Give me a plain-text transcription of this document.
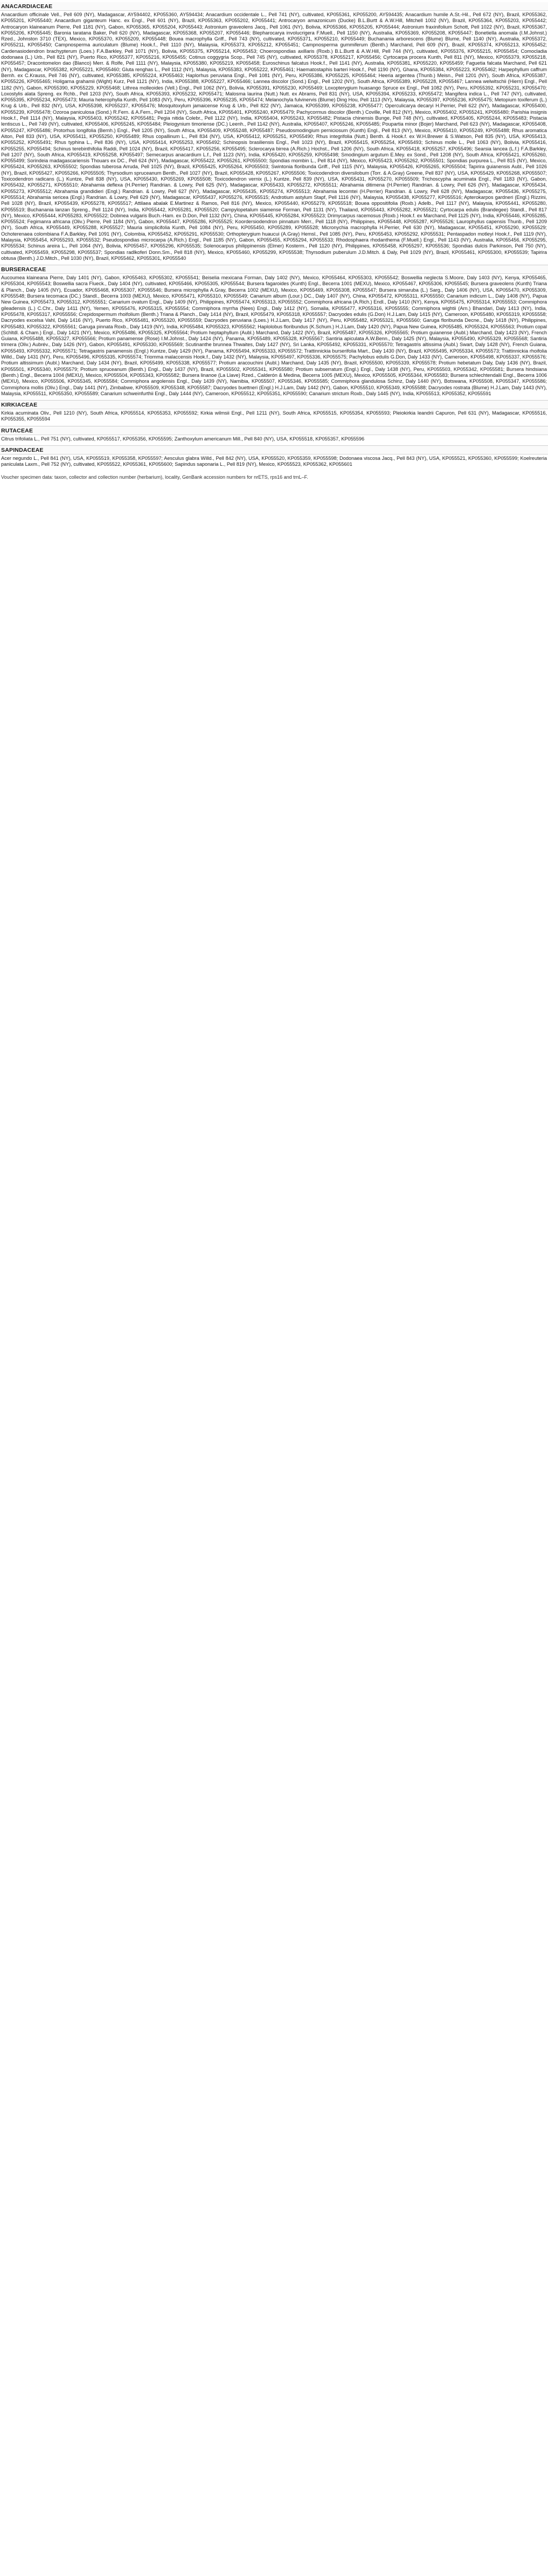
ANACARDIACEAE
Anacardium officinale Vell., Pell 609 (NY), Madagascar, AY594402, KP055360, AY594434; Anacardium occidentale L., Pell 741 (NY), cultivated, KP055361, KP055200, AY594435; Anacardium humile A.St.-Hil., Pell 672 (NY), Brazil, KP055362, KP055201, KP055440; Anacardium giganteum Hanc. ex Engl., Pell 601 (NY), Brazil, KP055363, KP055202, KP055441; Antrocaryon amazonicum (Ducke) B.L.Burtt & A.W.Hill, Mitchell 1002 (NY), Brazil, KP055364, KP055203, KP055442; Antrocaryon klaineanum Pierre, Pell 1181 (NY), Gabon, KP055365, KP055204, KP055443; Astronium graveolens Jacq., Pell 1061 (NY), Bolivia, KP055366, KP055205, KP055444; Astronium fraxinifolium Schott, Pell 1022 (NY), Brazil, KP055367, KP055206, KP055445; Baronia taratana Baker, Pell 620 (NY), Madagascar, KP055368, KP055207, KP055446; Blepharocarya involucrigera F.Muell., Pell 1150 (NY), Australia, KP055369, KP055208, KP055447; Bonetiella anomala (I.M.Johnst.) Rzed., Johnston 3710 (TEX), Mexico, KP055370, KP055209, KP055448; Bouea macrophylla Griff., Pell 743 (NY), cultivated, KP055371, KP055210, KP055449; Buchanania arborescens (Blume) Blume, Pell 1140 (NY), Australia, KP055372, KP055211, KP055450; Campnosperma auriculatum (Blume) Hook.f., Pell 1110 (NY), Malaysia, KP055373, KP055212, KP055451; Campnosperma gummiferum (Benth.) Marchand, Pell 609 (NY), Brazil, KP055374, KP055213, KP055452; Cardenasiodendron brachypterum (Loes.) F.A.Barkley, Pell 1071 (NY), Bolivia, KP055375, KP055214, KP055453; Choerospondias axillaris (Roxb.) B.L.Burtt & A.W.Hill, Pell 744 (NY), cultivated, KP055376, KP055215, KP055454; Comocladia dodonaea (L.) Urb., Pell 821 (NY), Puerto Rico, KP055377, KP055216, KP055455; Cotinus coggygria Scop., Pell 745 (NY), cultivated, KP055378, KP055217, KP055456; Cyrtocarpa procera Kunth, Pell 811 (NY), Mexico, KP055379, KP055218, KP055457; Dracontomelon dao (Blanco) Merr. & Rolfe, Pell 1111 (NY), Malaysia, KP055380, KP055219, KP055458; Euroschinus falcatus Hook.f., Pell 1141 (NY), Australia, KP055381, KP055220, KP055459; Faguetia falcata Marchand, Pell 621 (NY), Madagascar, KP055382, KP055221, KP055460; Gluta renghas L., Pell 1112 (NY), Malaysia, KP055383, KP055222, KP055461; Haematostaphis barteri Hook.f., Pell 1190 (NY), Ghana, KP055384, KP055223, KP055462; Harpephyllum caffrum Bernh. ex C.Krauss, Pell 746 (NY), cultivated, KP055385, KP055224, KP055463; Haplorhus peruviana Engl., Pell 1081 (NY), Peru, KP055386, KP055225, KP055464; Heeria argentea (Thunb.) Meisn., Pell 1201 (NY), South Africa, KP055387, KP055226, KP055465; Holigarna grahamii (Wight) Kurz, Pell 1121 (NY), India, KP055388, KP055227, KP055466; Lannea discolor (Sond.) Engl., Pell 1202 (NY), South Africa, KP055389, KP055228, KP055467; Lannea welwitschii (Hiern) Engl., Pell 1182 (NY), Gabon, KP055390, KP055229, KP055468; Lithrea molleoides (Vell.) Engl., Pell 1062 (NY), Bolivia, KP055391, KP055230, KP055469; Loxopterygium huasango Spruce ex Engl., Pell 1082 (NY), Peru, KP055392, KP055231, KP055470; Loxostylis alata Spreng. ex Rchb., Pell 1203 (NY), South Africa, KP055393, KP055232, KP055471; Malosma laurina (Nutt.) Nutt. ex Abrams, Pell 831 (NY), USA, KP055394, KP055233, KP055472; Mangifera indica L., Pell 747 (NY), cultivated, KP055395, KP055234, KP055473; Mauria heterophylla Kunth, Pell 1083 (NY), Peru, KP055396, KP055235, KP055474; Melanochyla fulvinervis (Blume) Ding Hou, Pell 1113 (NY), Malaysia, KP055397, KP055236, KP055475; Metopium toxiferum (L.) Krug & Urb., Pell 832 (NY), USA, KP055398, KP055237, KP055476; Mosquitoxylum jamaicense Krug & Urb., Pell 822 (NY), Jamaica, KP055399, KP055238, KP055477; Operculicarya decaryi H.Perrier, Pell 622 (NY), Madagascar, KP055400, KP055239, KP055478; Ozoroa paniculosa (Sond.) R.Fern. & A.Fern., Pell 1204 (NY), South Africa, KP055401, KP055240, KP055479; Pachycormus discolor (Benth.) Coville, Pell 812 (NY), Mexico, KP055402, KP055241, KP055480; Parishia insignis Hook.f., Pell 1114 (NY), Malaysia, KP055403, KP055242, KP055481; Pegia nitida Colebr., Pell 1122 (NY), India, KP055404, KP055243, KP055482; Pistacia chinensis Bunge, Pell 748 (NY), cultivated, KP055405, KP055244, KP055483; Pistacia lentiscus L., Pell 749 (NY), cultivated, KP055406, KP055245, KP055484; Pleiogynium timoriense (DC.) Leenh., Pell 1142 (NY), Australia, KP055407, KP055246, KP055485; Poupartia minor (Bojer) Marchand, Pell 623 (NY), Madagascar, KP055408, KP055247, KP055486; Protorhus longifolia (Bernh.) Engl., Pell 1205 (NY), South Africa, KP055409, KP055248, KP055487; Pseudosmodingium perniciosum (Kunth) Engl., Pell 813 (NY), Mexico, KP055410, KP055249, KP055488; Rhus aromatica Aiton, Pell 833 (NY), USA, KP055411, KP055250, KP055489; Rhus copallinum L., Pell 834 (NY), USA, KP055412, KP055251, KP055490; Rhus integrifolia (Nutt.) Benth. & Hook.f. ex W.H.Brewer & S.Watson, Pell 835 (NY), USA, KP055413, KP055252, KP055491; Rhus typhina L., Pell 836 (NY), USA, KP055414, KP055253, KP055492; Schinopsis brasiliensis Engl., Pell 1023 (NY), Brazil, KP055415, KP055254, KP055493; Schinus molle L., Pell 1063 (NY), Bolivia, KP055416, KP055255, KP055494; Schinus terebinthifolia Raddi, Pell 1024 (NY), Brazil, KP055417, KP055256, KP055495; Sclerocarya birrea (A.Rich.) Hochst., Pell 1206 (NY), South Africa, KP055418, KP055257, KP055496; Searsia lancea (L.f.) F.A.Barkley, Pell 1207 (NY), South Africa, KP055419, KP055258, KP055497; Semecarpus anacardium L.f., Pell 1123 (NY), India, KP055420, KP055259, KP055498; Smodingium argutum E.Mey. ex Sond., Pell 1208 (NY), South Africa, KP055421, KP055260, KP055499; Sorindeia madagascariensis Thouars ex DC., Pell 624 (NY), Madagascar, KP055422, KP055261, KP055500; Spondias mombin L., Pell 814 (NY), Mexico, KP055423, KP055262, KP055501; Spondias purpurea L., Pell 815 (NY), Mexico, KP055424, KP055263, KP055502; Spondias tuberosa Arruda, Pell 1025 (NY), Brazil, KP055425, KP055264, KP055503; Swintonia floribunda Griff., Pell 1115 (NY), Malaysia, KP055426, KP055265, KP055504; Tapirira guianensis Aubl., Pell 1026 (NY), Brazil, KP055427, KP055266, KP055505; Thyrsodium spruceanum Benth., Pell 1027 (NY), Brazil, KP055428, KP055267, KP055506; Toxicodendron diversilobum (Torr. & A.Gray) Greene, Pell 837 (NY), USA, KP055429, KP055268, KP055507; Toxicodendron radicans (L.) Kuntze, Pell 838 (NY), USA, KP055430, KP055269, KP055508; Toxicodendron vernix (L.) Kuntze, Pell 839 (NY), USA, KP055431, KP055270, KP055509; Trichoscypha acuminata Engl., Pell 1183 (NY), Gabon, KP055432, KP055271, KP055510; Abrahamia deflexa (H.Perrier) Randrian. & Lowry, Pell 625 (NY), Madagascar, KP055433, KP055272, KP055511; Abrahamia ditimena (H.Perrier) Randrian. & Lowry, Pell 626 (NY), Madagascar, KP055434, KP055273, KP055512; Abrahamia grandidieri (Engl.) Randrian. & Lowry, Pell 627 (NY), Madagascar, KP055435, KP055274, KP055513; Abrahamia lecomtei (H.Perrier) Randrian. & Lowry, Pell 628 (NY), Madagascar, KP055436, KP055275, KP055514; Abrahamia sericea (Engl.) Randrian. & Lowry, Pell 629 (NY), Madagascar, KP055437, KP055276, KP055515; Androtium astylum Stapf, Pell 1116 (NY), Malaysia, KP055438, KP055277, KP055516; Apterokarpos gardneri (Engl.) Rizzini, Pell 1028 (NY), Brazil, KP055439, KP055278, KP055517; Attilaea abalak E.Martinez & Ramos, Pell 816 (NY), Mexico, KP055440, KP055279, KP055518; Bouea oppositifolia (Roxb.) Adelb., Pell 1117 (NY), Malaysia, KP055441, KP055280, KP055519; Buchanania lanzan Spreng., Pell 1124 (NY), India, KP055442, KP055281, KP055520; Campylopetalum siamense Forman, Pell 1131 (NY), Thailand, KP055443, KP055282, KP055521; Cyrtocarpa edulis (Brandegee) Standl., Pell 817 (NY), Mexico, KP055444, KP055283, KP055522; Dobinea vulgaris Buch.-Ham. ex D.Don, Pell 1132 (NY), China, KP055445, KP055284, KP055523; Drimycarpus racemosus (Roxb.) Hook.f. ex Marchand, Pell 1125 (NY), India, KP055446, KP055285, KP055524; Fegimanra africana (Oliv.) Pierre, Pell 1184 (NY), Gabon, KP055447, KP055286, KP055525; Koordersiodendron pinnatum Merr., Pell 1118 (NY), Philippines, KP055448, KP055287, KP055526; Laurophyllus capensis Thunb., Pell 1209 (NY), South Africa, KP055449, KP055288, KP055527; Mauria simplicifolia Kunth, Pell 1084 (NY), Peru, KP055450, KP055289, KP055528; Micronychia macrophylla H.Perrier, Pell 630 (NY), Madagascar, KP055451, KP055290, KP055529; Ochoterenaea colombiana F.A.Barkley, Pell 1091 (NY), Colombia, KP055452, KP055291, KP055530; Orthopterygium huaucui (A.Gray) Hemsl., Pell 1085 (NY), Peru, KP055453, KP055292, KP055531; Pentaspadon motleyi Hook.f., Pell 1119 (NY), Malaysia, KP055454, KP055293, KP055532; Pseudospondias microcarpa (A.Rich.) Engl., Pell 1185 (NY), Gabon, KP055455, KP055294, KP055533; Rhodosphaera rhodanthema (F.Muell.) Engl., Pell 1143 (NY), Australia, KP055456, KP055295, KP055534; Schinus areira L., Pell 1064 (NY), Bolivia, KP055457, KP055296, KP055535; Solenocarpus philippinensis (Elmer) Kosterm., Pell 1120 (NY), Philippines, KP055458, KP055297, KP055536; Spondias dulcis Parkinson, Pell 750 (NY), cultivated, KP055459, KP055298, KP055537; Spondias radlkoferi Donn.Sm., Pell 818 (NY), Mexico, KP055460, KP055299, KP055538; Thyrsodium puberulum J.D.Mitch. & Daly, Pell 1029 (NY), Brazil, KP055461, KP055300, KP055539; Tapirira obtusa (Benth.) J.D.Mitch., Pell 1030 (NY), Brazil, KP055462, KP055301, KP055540
BURSERACEAE
Aucoumea klaineana Pierre, Daly 1401 (NY), Gabon, KP055463, KP055302, KP055541; Beiselia mexicana Forman, Daly 1402 (NY), Mexico, KP055464, KP055303, KP055542; Boswellia neglecta S.Moore, Daly 1403 (NY), Kenya, KP055465, KP055304, KP055543; Boswellia sacra Flueck., Daly 1404 (NY), cultivated, KP055466, KP055305, KP055544; Bursera fagaroides (Kunth) Engl., Becerra 1001 (MEXU), Mexico, KP055467, KP055306, KP055545; Bursera graveolens (Kunth) Triana & Planch., Daly 1405 (NY), Ecuador, KP055468, KP055307, KP055546; Bursera microphylla A.Gray, Becerra 1002 (MEXU), Mexico, KP055469, KP055308, KP055547; Bursera simaruba (L.) Sarg., Daly 1406 (NY), USA, KP055470, KP055309, KP055548; Bursera tecomaca (DC.) Standl., Becerra 1003 (MEXU), Mexico, KP055471, KP055310, KP055549; Canarium album (Lour.) DC., Daly 1407 (NY), China, KP055472, KP055311, KP055550; Canarium indicum L., Daly 1408 (NY), Papua New Guinea, KP055473, KP055312, KP055551; Canarium ovatum Engl., Daly 1409 (NY), Philippines, KP055474, KP055313, KP055552; Commiphora africana (A.Rich.) Endl., Daly 1410 (NY), Kenya, KP055475, KP055314, KP055553; Commiphora gileadensis (L.) C.Chr., Daly 1411 (NY), Yemen, KP055476, KP055315, KP055554; Commiphora myrrha (Nees) Engl., Daly 1412 (NY), Somalia, KP055477, KP055316, KP055555; Commiphora wightii (Arn.) Bhandari, Daly 1413 (NY), India, KP055478, KP055317, KP055556; Crepidospermum rhoifolium (Benth.) Triana & Planch., Daly 1414 (NY), Brazil, KP055479, KP055318, KP055557; Dacryodes edulis (G.Don) H.J.Lam, Daly 1415 (NY), Cameroon, KP055480, KP055319, KP055558; Dacryodes excelsa Vahl, Daly 1416 (NY), Puerto Rico, KP055481, KP055320, KP055559; Dacryodes peruviana (Loes.) H.J.Lam, Daly 1417 (NY), Peru, KP055482, KP055321, KP055560; Garuga floribunda Decne., Daly 1418 (NY), Philippines, KP055483, KP055322, KP055561; Garuga pinnata Roxb., Daly 1419 (NY), India, KP055484, KP055323, KP055562; Haplolobus floribundus (K.Schum.) H.J.Lam, Daly 1420 (NY), Papua New Guinea, KP055485, KP055324, KP055563; Protium copal (Schltdl. & Cham.) Engl., Daly 1421 (NY), Mexico, KP055486, KP055325, KP055564; Protium heptaphyllum (Aubl.) Marchand, Daly 1422 (NY), Brazil, KP055487, KP055326, KP055565; Protium guianense (Aubl.) Marchand, Daly 1423 (NY), French Guiana, KP055488, KP055327, KP055566; Protium panamense (Rose) I.M.Johnst., Daly 1424 (NY), Panama, KP055489, KP055328, KP055567; Santiria apiculata A.W.Benn., Daly 1425 (NY), Malaysia, KP055490, KP055329, KP055568; Santiria trimera (Oliv.) Aubrév., Daly 1426 (NY), Gabon, KP055491, KP055330, KP055569; Scutinanthe brunnea Thwaites, Daly 1427 (NY), Sri Lanka, KP055492, KP055331, KP055570; Tetragastris altissima (Aubl.) Swart, Daly 1428 (NY), French Guiana, KP055493, KP055332, KP055571; Tetragastris panamensis (Engl.) Kuntze, Daly 1429 (NY), Panama, KP055494, KP055333, KP055572; Trattinnickia burserifolia Mart., Daly 1430 (NY), Brazil, KP055495, KP055334, KP055573; Trattinnickia rhoifolia Willd., Daly 1431 (NY), Peru, KP055496, KP055335, KP055574; Triomma malaccensis Hook.f., Daly 1432 (NY), Malaysia, KP055497, KP055336, KP055575; Pachylobus edulis G.Don, Daly 1433 (NY), Cameroon, KP055498, KP055337, KP055576; Protium altissimum (Aubl.) Marchand, Daly 1434 (NY), Brazil, KP055499, KP055338, KP055577; Protium aracouchini (Aubl.) Marchand, Daly 1435 (NY), Brazil, KP055500, KP055339, KP055578; Protium hebetatum Daly, Daly 1436 (NY), Brazil, KP055501, KP055340, KP055579; Protium spruceanum (Benth.) Engl., Daly 1437 (NY), Brazil, KP055502, KP055341, KP055580; Protium subserratum (Engl.) Engl., Daly 1438 (NY), Peru, KP055503, KP055342, KP055581; Bursera hindsiana (Benth.) Engl., Becerra 1004 (MEXU), Mexico, KP055504, KP055343, KP055582; Bursera linanoe (La Llave) Rzed., Calderón & Medina, Becerra 1005 (MEXU), Mexico, KP055505, KP055344, KP055583; Bursera schlechtendalii Engl., Becerra 1006 (MEXU), Mexico, KP055506, KP055345, KP055584; Commiphora angolensis Engl., Daly 1439 (NY), Namibia, KP055507, KP055346, KP055585; Commiphora glandulosa Schinz, Daly 1440 (NY), Botswana, KP055508, KP055347, KP055586; Commiphora mollis (Oliv.) Engl., Daly 1441 (NY), Zimbabwe, KP055509, KP055348, KP055587; Dacryodes buettneri (Engl.) H.J.Lam, Daly 1442 (NY), Gabon, KP055510, KP055349, KP055588; Dacryodes rostrata (Blume) H.J.Lam, Daly 1443 (NY), Malaysia, KP055511, KP055350, KP055589; Canarium schweinfurthii Engl., Daly 1444 (NY), Cameroon, KP055512, KP055351, KP055590; Canarium strictum Roxb., Daly 1445 (NY), India, KP055513, KP055352, KP055591
KIRKIACEAE
Kirkia acuminata Oliv., Pell 1210 (NY), South Africa, KP055514, KP055353, KP055592; Kirkia wilmsii Engl., Pell 1211 (NY), South Africa, KP055515, KP055354, KP055593; Pleiokirkia leandrii Capuron, Pell 631 (NY), Madagascar, KP055516, KP055355, KP055594
RUTACEAE
Citrus trifoliata L., Pell 751 (NY), cultivated, KP055517, KP055356, KP055595; Zanthoxylum americanum Mill., Pell 840 (NY), USA, KP055518, KP055357, KP055596
SAPINDACEAE
Acer negundo L., Pell 841 (NY), USA, KP055519, KP055358, KP055597; Aesculus glabra Willd., Pell 842 (NY), USA, KP055520, KP055359, KP055598; Dodonaea viscosa Jacq., Pell 843 (NY), USA, KP055521, KP055360, KP055599; Koelreuteria paniculata Laxm., Pell 752 (NY), cultivated, KP055522, KP055361, KP055600; Sapindus saponaria L., Pell 819 (NY), Mexico, KP055523, KP055362, KP055601
Voucher specimen data: taxon, collector and collection number (herbarium), locality, GenBank accession numbers for nrETS, rps16 and trnL–F.
